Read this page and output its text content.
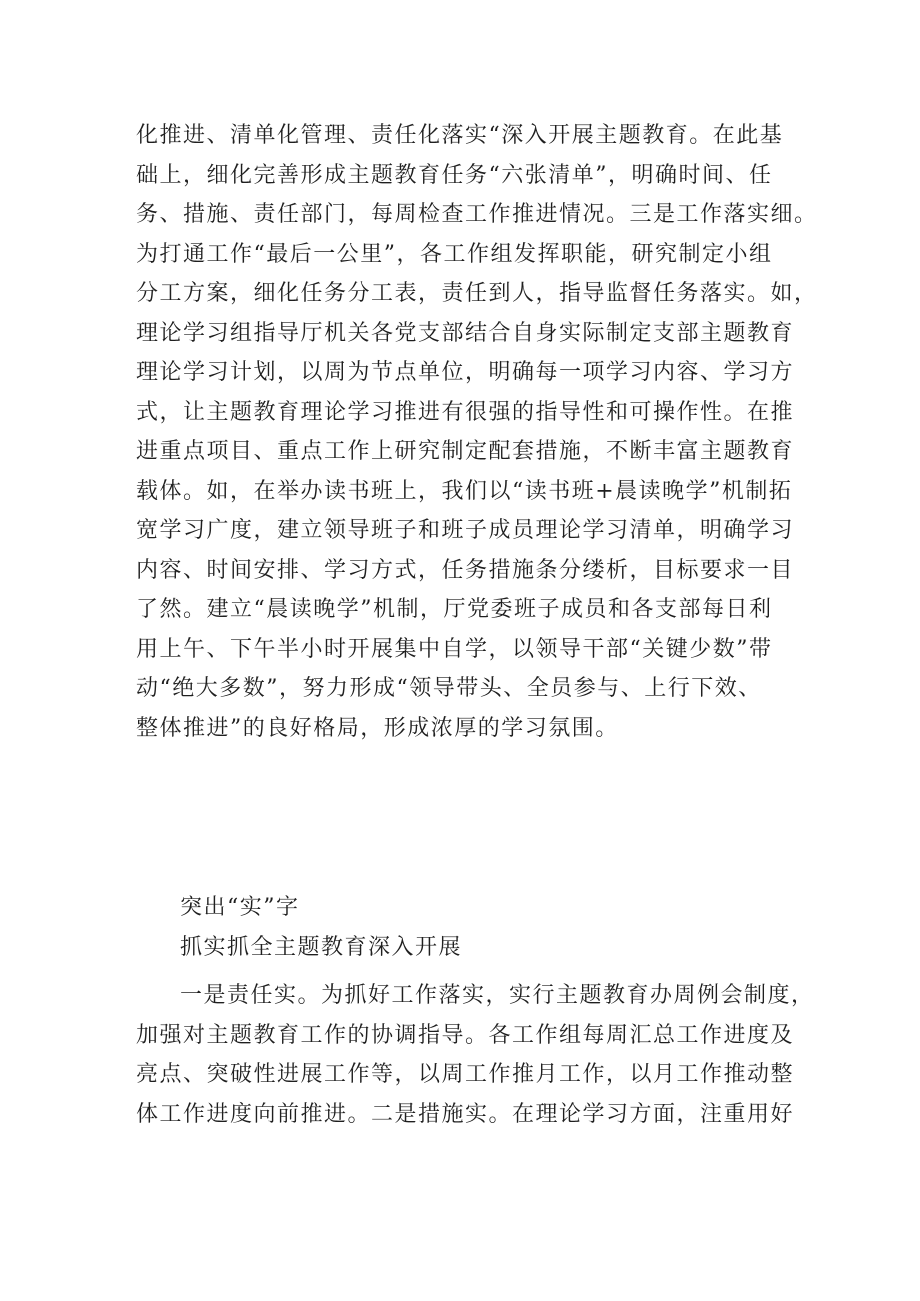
化推进、清单化管理、责任化落实“深入开展主题教育。在此基
础上，细化完善形成主题教育任务“六张清单”，明确时间、任
务、措施、责任部门，每周检查工作推进情况。三是工作落实细。
为打通工作“最后一公里”，各工作组发挥职能，研究制定小组
分工方案，细化任务分工表，责任到人，指导监督任务落实。如，
理论学习组指导厅机关各党支部结合自身实际制定支部主题教育
理论学习计划，以周为节点单位，明确每一项学习内容、学习方
式，让主题教育理论学习推进有很强的指导性和可操作性。在推
进重点项目、重点工作上研究制定配套措施，不断丰富主题教育
载体。如，在举办读书班上，我们以“读书班+晨读晚学”机制拓
宽学习广度，建立领导班子和班子成员理论学习清单，明确学习
内容、时间安排、学习方式，任务措施条分缕析，目标要求一目
了然。建立“晨读晚学”机制，厅党委班子成员和各支部每日利
用上午、下午半小时开展集中自学，以领导干部“关键少数”带
动“绝大多数”，努力形成“领导带头、全员参与、上行下效、
整体推进”的良好格局，形成浓厚的学习氛围。
突出“实”字
抓实抓全主题教育深入开展
一是责任实。为抓好工作落实，实行主题教育办周例会制度，
加强对主题教育工作的协调指导。各工作组每周汇总工作进度及
亮点、突破性进展工作等，以周工作推月工作，以月工作推动整
体工作进度向前推进。二是措施实。在理论学习方面，注重用好
